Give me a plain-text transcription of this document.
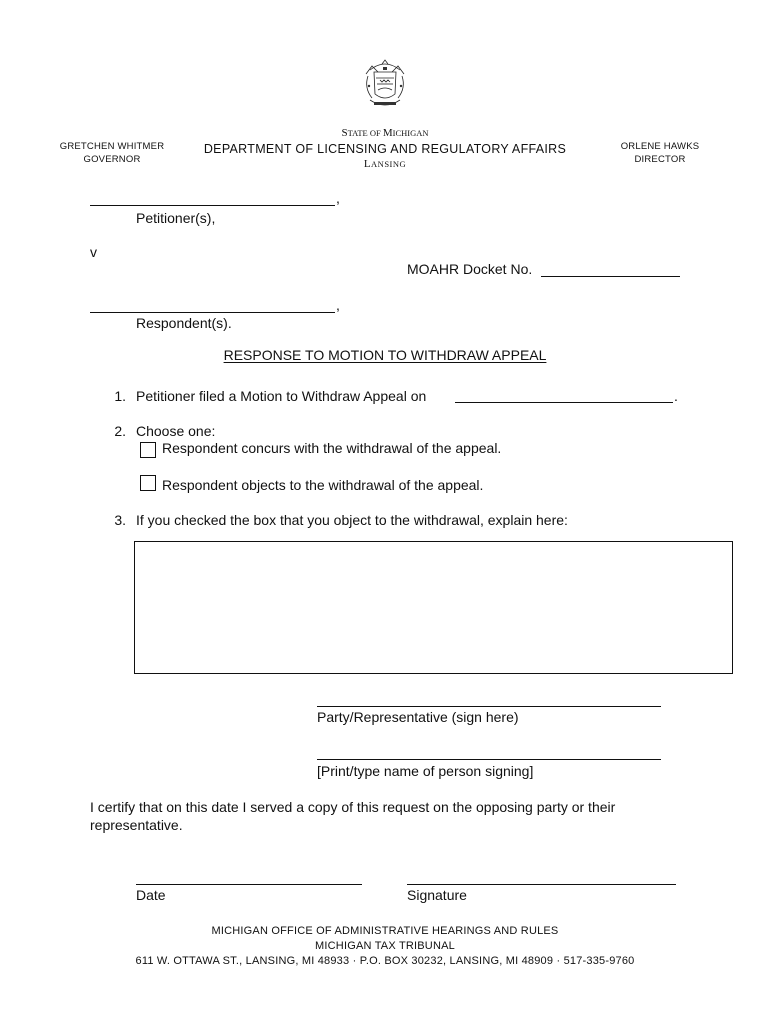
STATE OF MICHIGAN
DEPARTMENT OF LICENSING AND REGULATORY AFFAIRS
LANSING
GRETCHEN WHITMER
GOVERNOR
ORLENE HAWKS
DIRECTOR
,
Petitioner(s),
v
MOAHR Docket No.
,
Respondent(s).
RESPONSE TO MOTION TO WITHDRAW APPEAL
1. Petitioner filed a Motion to Withdraw Appeal on	.
2. Choose one:
Respondent concurs with the withdrawal of the appeal.
Respondent objects to the withdrawal of the appeal.
3. If you checked the box that you object to the withdrawal, explain here:
Party/Representative (sign here)
[Print/type name of person signing]
I certify that on this date I served a copy of this request on the opposing party or their representative.
Date	Signature
MICHIGAN OFFICE OF ADMINISTRATIVE HEARINGS AND RULES
MICHIGAN TAX TRIBUNAL
611 W. OTTAWA ST., LANSING, MI 48933 · P.O. BOX 30232, LANSING, MI 48909 · 517-335-9760
